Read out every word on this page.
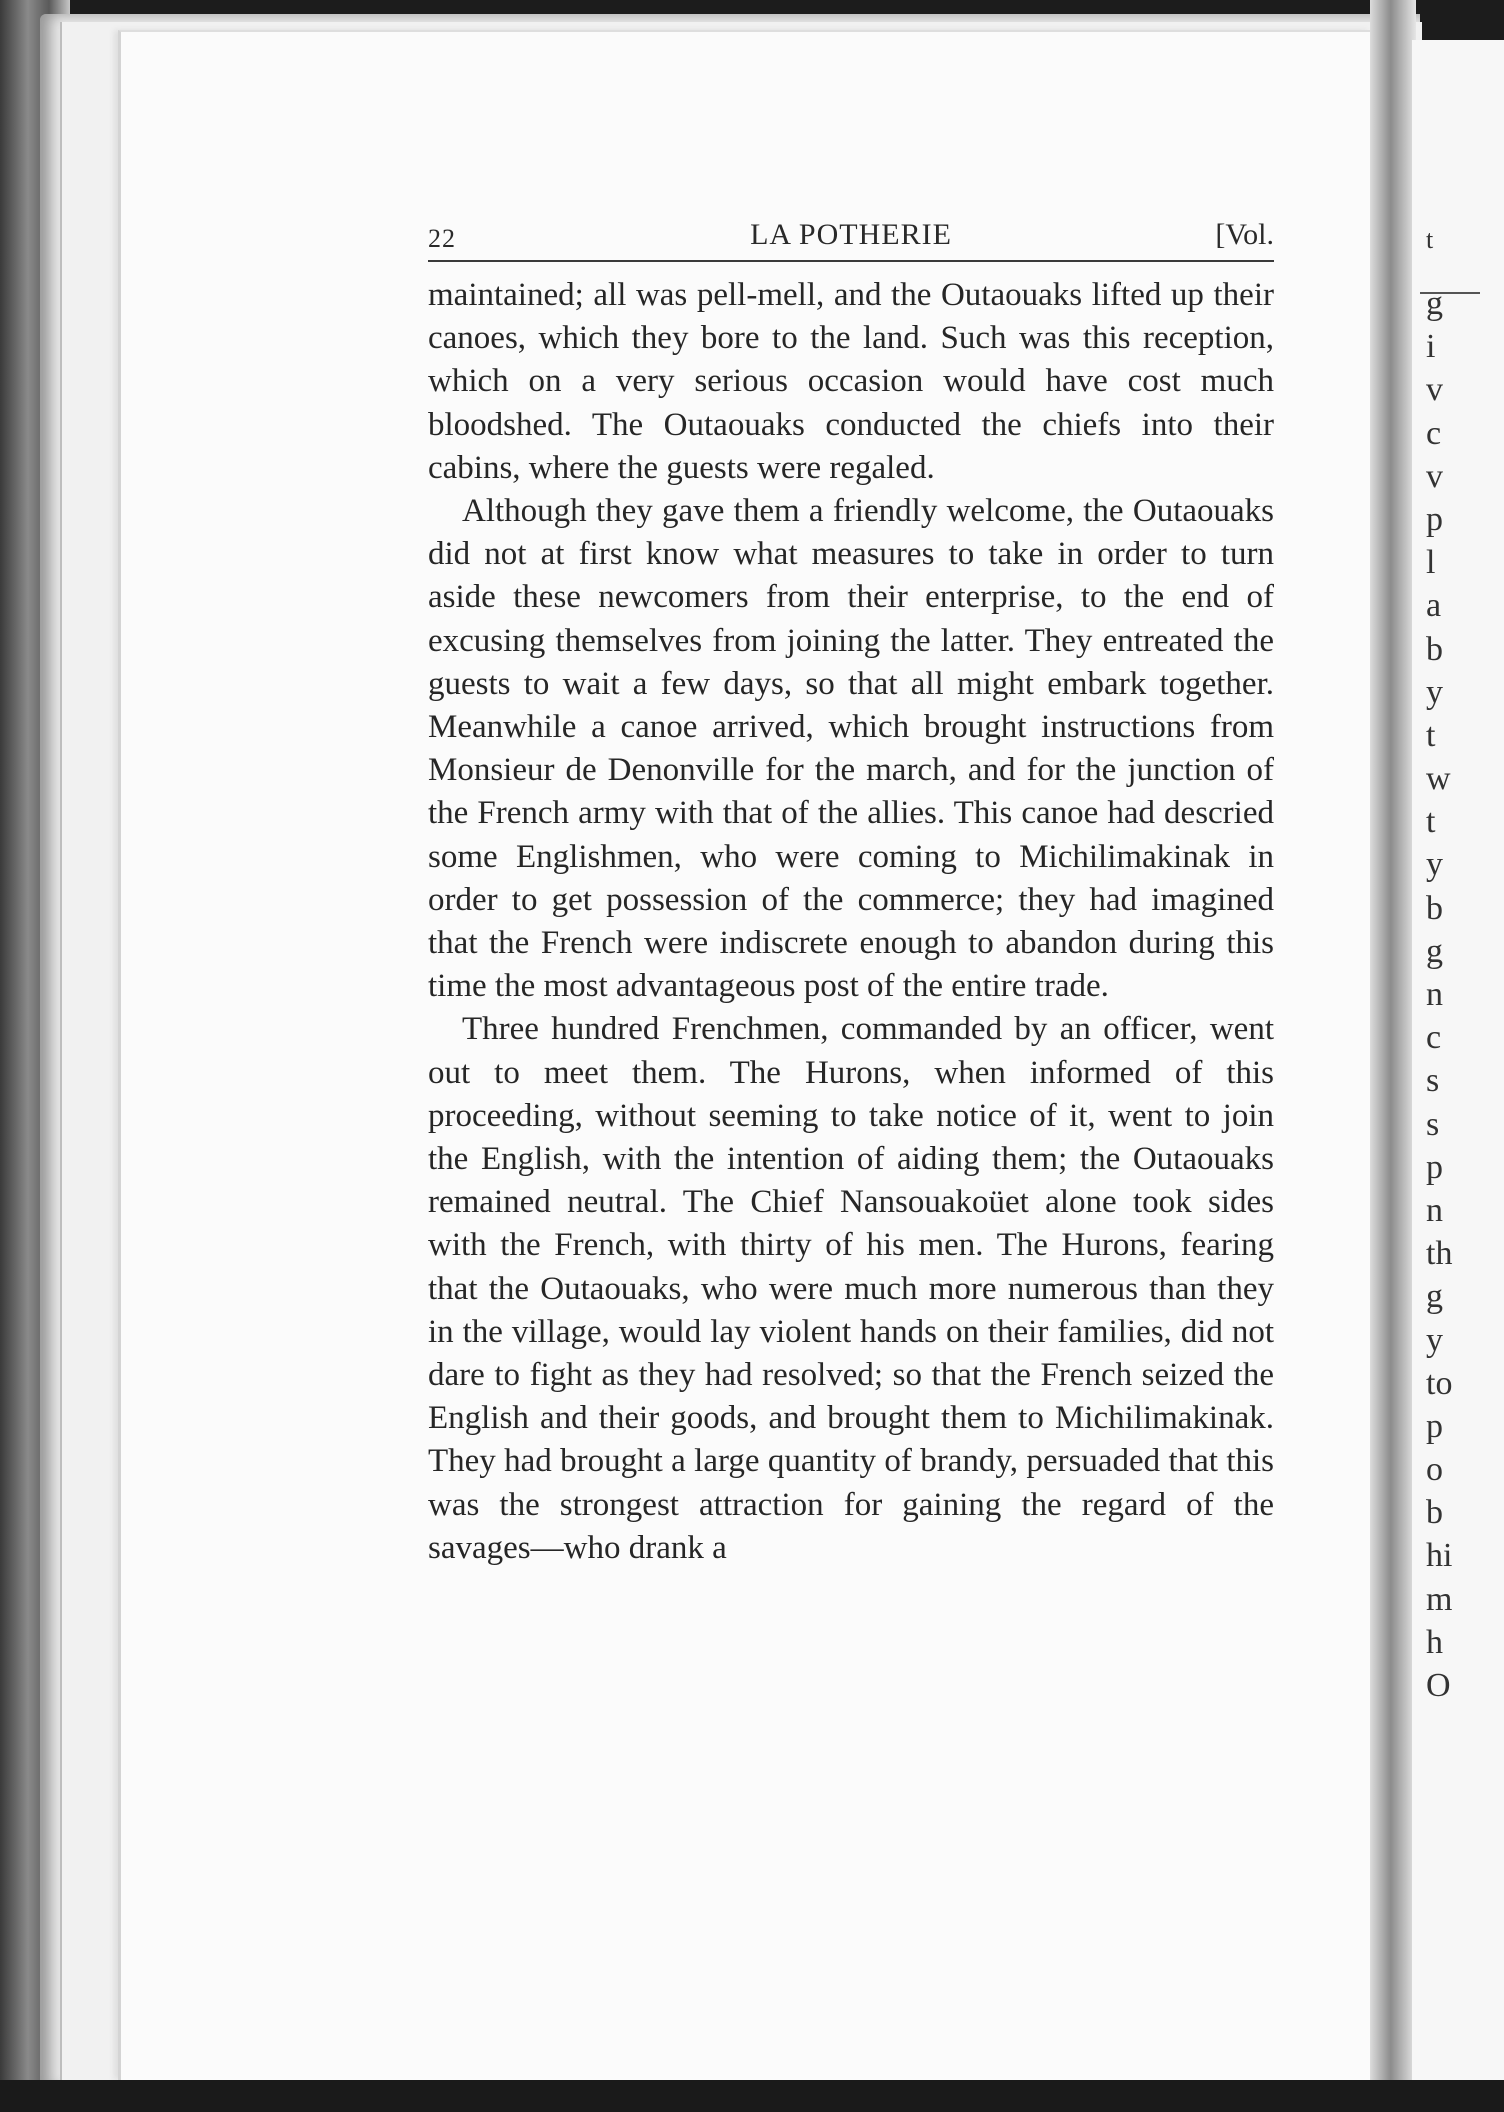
t
g
i
v
c
v
p
l
a
b
y
t
w
t
y
b
g
n
c
s
s
p
n
th
g
y
to
p
o
b
hi
m
h
O
22	LA POTHERIE	[Vol.

maintained; all was pell-mell, and the Outaouaks lifted up their canoes, which they bore to the land. Such was this reception, which on a very serious occasion would have cost much bloodshed. The Outaouaks conducted the chiefs into their cabins, where the guests were regaled.

Although they gave them a friendly welcome, the Outaouaks did not at first know what measures to take in order to turn aside these newcomers from their enterprise, to the end of excusing themselves from joining the latter. They entreated the guests to wait a few days, so that all might embark together. Meanwhile a canoe arrived, which brought instructions from Monsieur de Denonville for the march, and for the junction of the French army with that of the allies. This canoe had descried some Englishmen, who were coming to Michilimakinak in order to get possession of the commerce; they had imagined that the French were indiscrete enough to abandon during this time the most advantageous post of the entire trade.

Three hundred Frenchmen, commanded by an officer, went out to meet them. The Hurons, when informed of this proceeding, without seeming to take notice of it, went to join the English, with the intention of aiding them; the Outaouaks remained neutral. The Chief Nansouakoüet alone took sides with the French, with thirty of his men. The Hurons, fearing that the Outaouaks, who were much more numerous than they in the village, would lay violent hands on their families, did not dare to fight as they had resolved; so that the French seized the English and their goods, and brought them to Michilimakinak. They had brought a large quantity of brandy, persuaded that this was the strongest attraction for gaining the regard of the savages—who drank a
